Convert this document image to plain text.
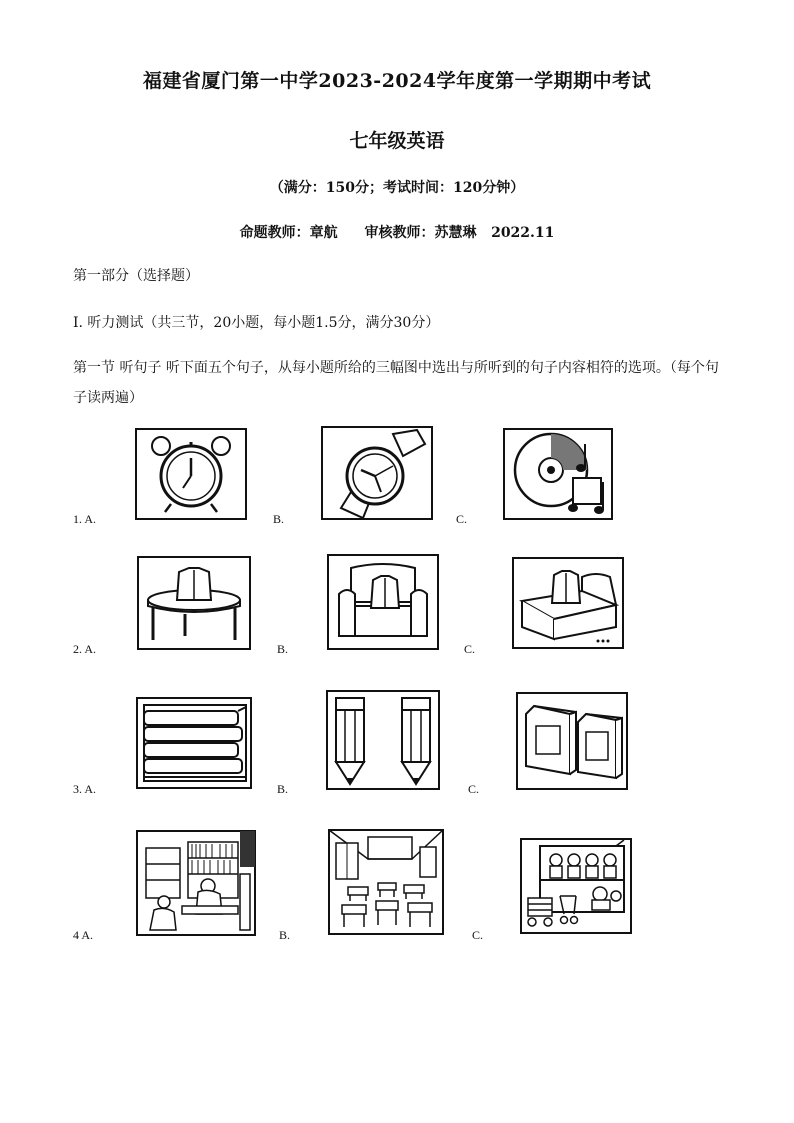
福建省厦门第一中学2023-2024学年度第一学期期中考试
七年级英语
（满分：150分；考试时间：120分钟）
命题教师：章航 审核教师：苏慧琳 2022.11
第一部分（选择题）
Ⅰ. 听力测试（共三节，20小题，每小题1.5分，满分30分）
第一节 听句子 听下面五个句子，从每小题所给的三幅图中选出与所听到的句子内容相符的选项。（每个句子读两遍）
1. A.	B.	C.
2. A.	B.	C.
3. A.	B.	C.
4 A.	B.	C.
